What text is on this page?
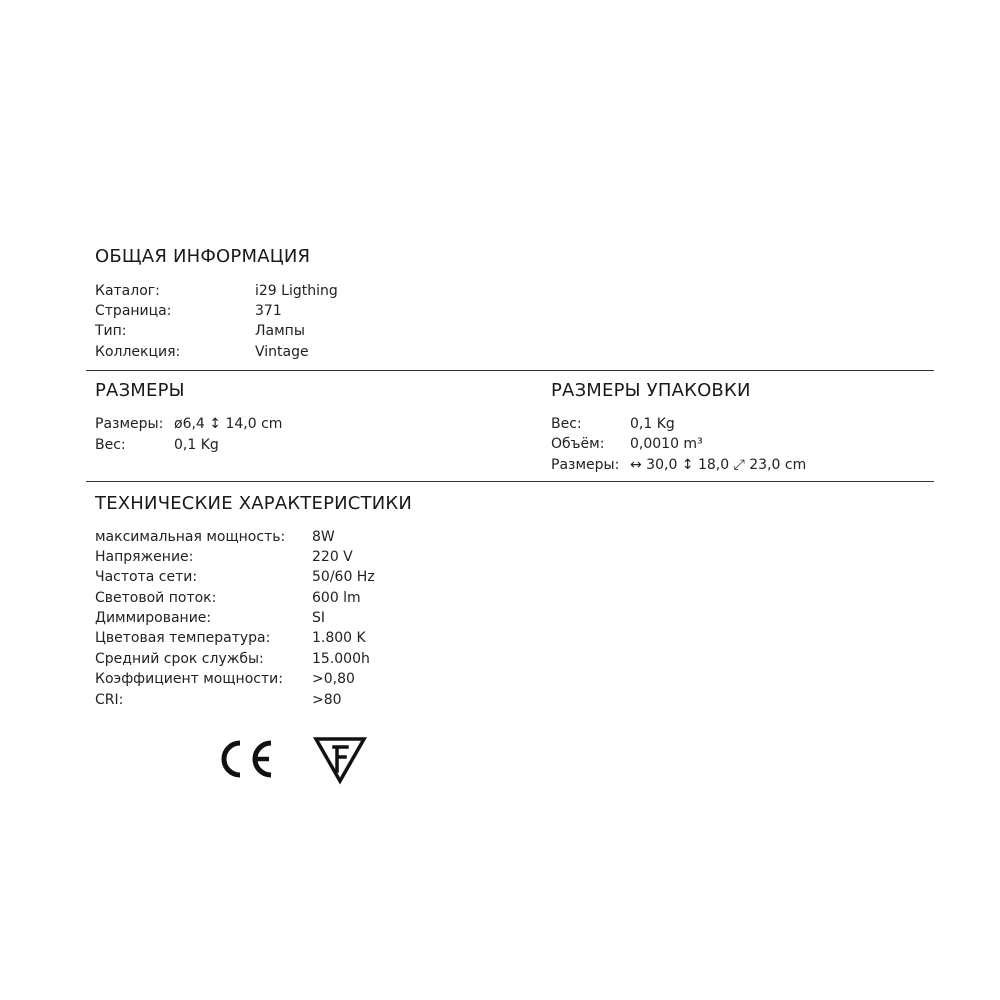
ОБЩАЯ ИНФОРМАЦИЯ
Каталог:	i29 Ligthing
Страница:	371
Тип:	Лампы
Коллекция:	Vintage
РАЗМЕРЫ
Размеры: ø6,4 ↕ 14,0 cm
Вес:	0,1 Kg
РАЗМЕРЫ УПАКОВКИ
Вес:	0,1 Kg
Объём: 0,0010 m³
Размеры: ↔ 30,0 ↕ 18,0 ⤢ 23,0 cm
ТЕХНИЧЕСКИЕ ХАРАКТЕРИСТИКИ
максимальная мощность: 8W
Напряжение:	220 V
Частота сети:	50/60 Hz
Световой поток:	600 lm
Диммирование:	SI
Цветовая температура:	1.800 K
Средний срок службы:	15.000h
Коэффициент мощности: >0,80
CRI:	>80
